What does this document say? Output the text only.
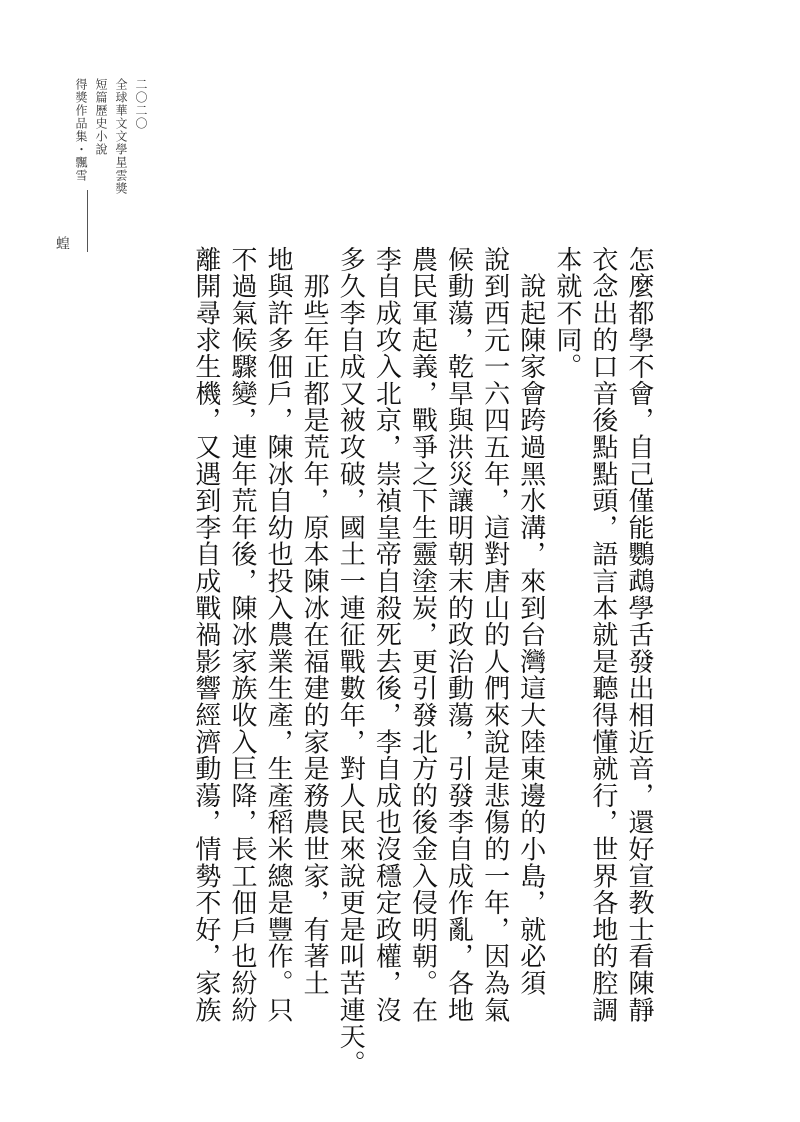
二〇二〇
全球華文文學星雲獎
短篇歷史小說
得獎作品集・飄雪
蝗
怎麼都學不會，自己僅能鸚鵡學舌發出相近音，還好宣教士看陳靜
衣念出的口音後點點頭，語言本就是聽得懂就行，世界各地的腔調
本就不同。
　說起陳家會跨過黑水溝，來到台灣這大陸東邊的小島，就必須
說到西元一六四五年，這對唐山的人們來說是悲傷的一年，因為氣
候動蕩，乾旱與洪災讓明朝末的政治動蕩，引發李自成作亂，各地
農民軍起義，戰爭之下生靈塗炭，更引發北方的後金入侵明朝。在
李自成攻入北京，崇禎皇帝自殺死去後，李自成也沒穩定政權，沒
多久李自成又被攻破，國土一連征戰數年，對人民來說更是叫苦連天。
　那些年正都是荒年，原本陳冰在福建的家是務農世家，有著土
地與許多佃戶，陳冰自幼也投入農業生產，生產稻米總是豐作。只
不過氣候驟變，連年荒年後，陳冰家族收入巨降，長工佃戶也紛紛
離開尋求生機，又遇到李自成戰禍影響經濟動蕩，情勢不好，家族
